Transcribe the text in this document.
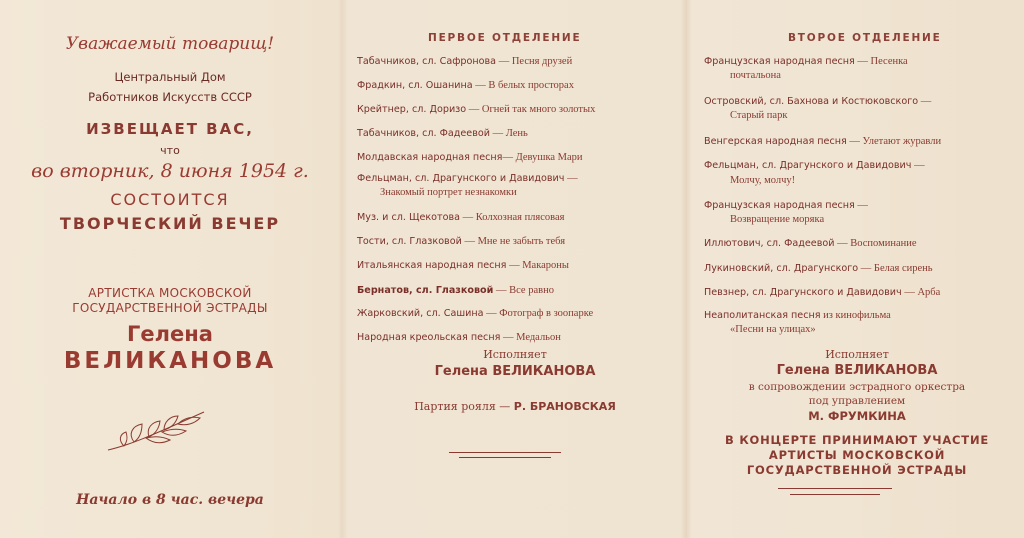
Уважаемый товарищ!
Центральный Дом
Работников Искусств СССР
ИЗВЕЩАЕТ ВАС,
что
во вторник, 8 июня 1954 г.
СОСТОИТСЯ
ТВОРЧЕСКИЙ ВЕЧЕР
АРТИСТКА МОСКОВСКОЙ
ГОСУДАРСТВЕННОЙ ЭСТРАДЫ
Гелена
ВЕЛИКАНОВА
Начало в 8 час. вечера
ПЕРВОЕ ОТДЕЛЕНИЕ
Табачников, сл. Сафронова — Песня друзей
Фрадкин, сл. Ошанина — В белых просторах
Крейтнер, сл. Доризо — Огней так много золотых
Табачников, сл. Фадеевой — Лень
Молдавская народная песня— Девушка Мари
Фельцман, сл. Драгунского и Давидович —
Знакомый портрет незнакомки
Муз. и сл. Щекотова — Колхозная плясовая
Тости, сл. Глазковой — Мне не забыть тебя
Итальянская народная песня — Макароны
Бернатов, сл. Глазковой — Все равно
Жарковский, сл. Сашина — Фотограф в зоопарке
Народная креольская песня — Медальон
Исполняет
Гелена ВЕЛИКАНОВА
Партия рояля — Р. БРАНОВСКАЯ
ВТОРОЕ ОТДЕЛЕНИЕ
Французская народная песня — Песенка
почтальона
Островский, сл. Бахнова и Костюковского —
Старый парк
Венгерская народная песня — Улетают журавли
Фельцман, сл. Драгунского и Давидович —
Молчу, молчу!
Французская народная песня —
Возвращение моряка
Иллютович, сл. Фадеевой — Воспоминание
Лукиновский, сл. Драгунского — Белая сирень
Певзнер, сл. Драгунского и Давидович — Арба
Неаполитанская песня из кинофильма
«Песни на улицах»
Исполняет
Гелена ВЕЛИКАНОВА
в сопровождении эстрадного оркестра
под управлением
М. ФРУМКИНА
В КОНЦЕРТЕ ПРИНИМАЮТ УЧАСТИЕ
АРТИСТЫ МОСКОВСКОЙ
ГОСУДАРСТВЕННОЙ ЭСТРАДЫ
